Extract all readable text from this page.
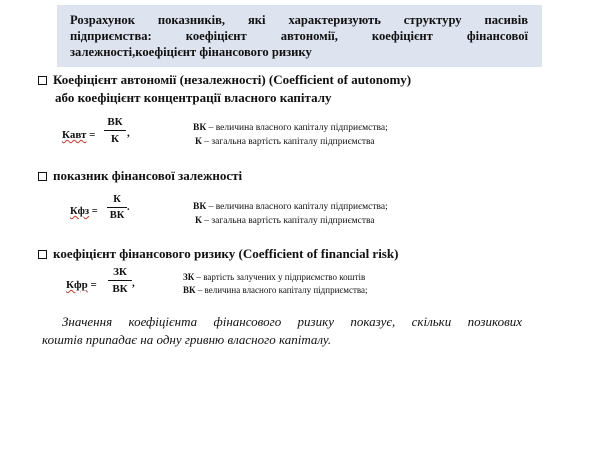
Розрахунок показників, які характеризують структуру пасивів
підприємства: коефіцієнт автономії, коефіцієнт фінансової
залежності,коефіцієнт фінансового ризику
Коефіцієнт автономії (незалежності) (Coefficient of autonomy)
або коефіцієнт концентрації власного капіталу
Кавт =
ВК
К ,	ВК – величина власного капіталу підприємства;
К – загальна вартість капіталу підприємства
показник фінансової залежності
Кфз =
К
ВК
.	ВК – величина власного капіталу підприємства;
К – загальна вартість капіталу підприємства
коефіцієнт фінансового ризику (Coefficient of financial risk)
Кфр =
ЗК
ВК ,	ЗК – вартість залучених у підприємство коштів
ВК – величина власного капіталу підприємства;
Значення коефіцієнта фінансового ризику показує, скільки позикових
коштів припадає на одну гривню власного капіталу.
